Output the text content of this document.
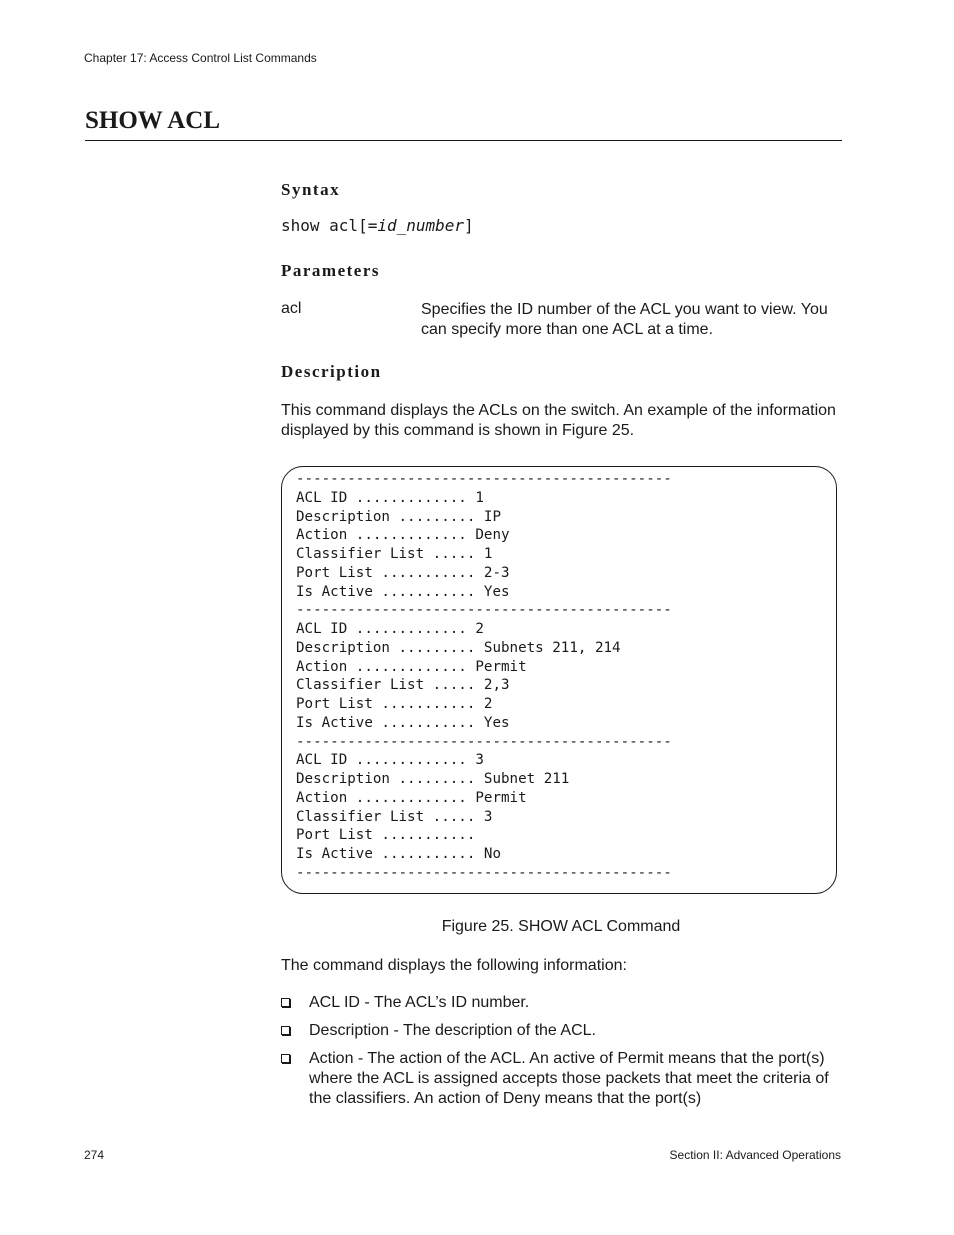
Chapter 17: Access Control List Commands
SHOW ACL
Syntax
show acl[=id_number]
Parameters
acl	Specifies the ID number of the ACL you want to view. You can specify more than one ACL at a time.
Description

This command displays the ACLs on the switch. An example of the information displayed by this command is shown in Figure 25.

--------------------------------------------
ACL ID ............. 1
Description ......... IP
Action ............. Deny
Classifier List ..... 1
Port List ........... 2-3
Is Active ........... Yes
--------------------------------------------
ACL ID ............. 2
Description ......... Subnets 211, 214
Action ............. Permit
Classifier List ..... 2,3
Port List ........... 2
Is Active ........... Yes
--------------------------------------------
ACL ID ............. 3
Description ......... Subnet 211
Action ............. Permit
Classifier List ..... 3
Port List ...........
Is Active ........... No
--------------------------------------------
Figure 25. SHOW ACL Command

The command displays the following information:

ACL ID - The ACL’s ID number.
Description - The description of the ACL.
Action - The action of the ACL. An active of Permit means that the port(s) where the ACL is assigned accepts those packets that meet the criteria of the classifiers. An action of Deny means that the port(s)
274	Section II: Advanced Operations
